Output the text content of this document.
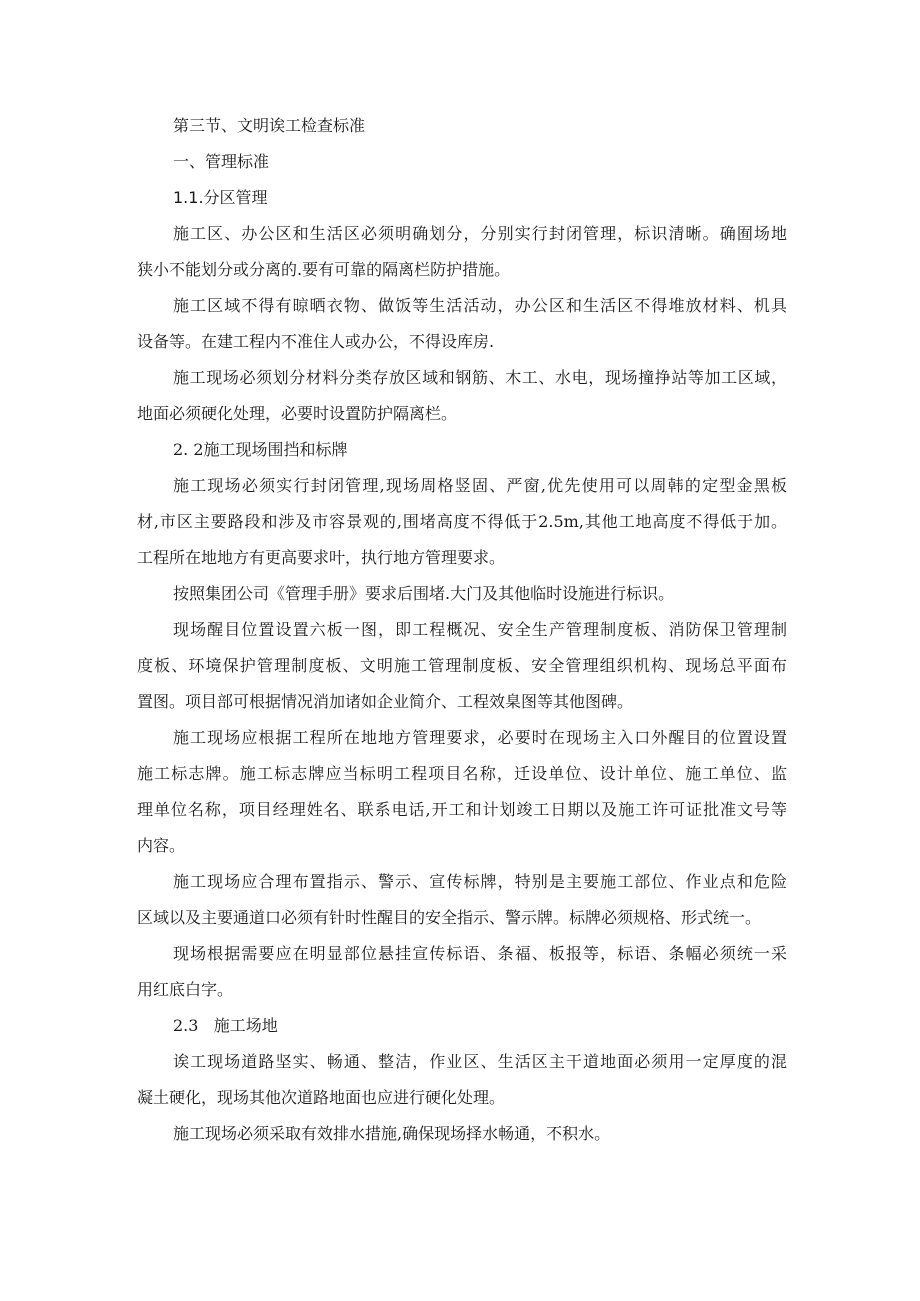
第三节、文明诶工检查标准

一、管理标准

1.1.分区管理

施工区、办公区和生活区必须明确划分，分别实行封闭管理，标识清晰。确囿场地

狭小不能划分或分离的.要有可靠的隔离栏防护措施。

施工区域不得有晾晒衣物、做饭等生活活动，办公区和生活区不得堆放材料、机具

设备等。在建工程内不准住人或办公，不得设库房.

施工现场必须划分材料分类存放区域和钢筋、木工、水电，现场撞挣站等加工区域，

地面必须硬化处理，必要时设置防护隔离栏。

2. 2施工现场围挡和标牌

施工现场必须实行封闭管理,现场周格竖固、严窗,优先使用可以周韩的定型金黑板

材,市区主要路段和涉及市容景观的,围堵高度不得低于2.5m,其他工地高度不得低于加。

工程所在地地方有更高要求叶，执行地方管理要求。

按照集团公司《管理手册》要求后围堵.大门及其他临时设施进行标识。

现场醒目位置设置六板一图，即工程概况、安全生产管理制度板、消防保卫管理制

度板、环境保护管理制度板、文明施工管理制度板、安全管理组织机构、现场总平面布

置图。项目部可根据情况消加诸如企业简介、工程效臬图等其他图碑。

施工现场应根据工程所在地地方管理要求，必要时在现场主入口外醒目的位置设置

施工标志牌。施工标志牌应当标明工程项目名称，迁设单位、设计单位、施工单位、监

理单位名称，项目经理姓名、联系电话,开工和计划竣工日期以及施工许可证批准文号等

内容。

施工现场应合理布置指示、警示、宣传标牌，特别是主要施工部位、作业点和危险

区域以及主要通道口必须有针时性醒目的安全指示、警示牌。标牌必须规格、形式统一。

现场根据需要应在明显部位悬挂宣传标语、条福、板报等，标语、条幅必须统一采

用红底白字。

2.3   施工场地

诶工现场道路坚实、畅通、整洁，作业区、生活区主干道地面必须用一定厚度的混

凝土硬化，现场其他次道路地面也应进行硬化处理。

施工现场必须采取有效排水措施,确保现场择水畅通，不积水。
